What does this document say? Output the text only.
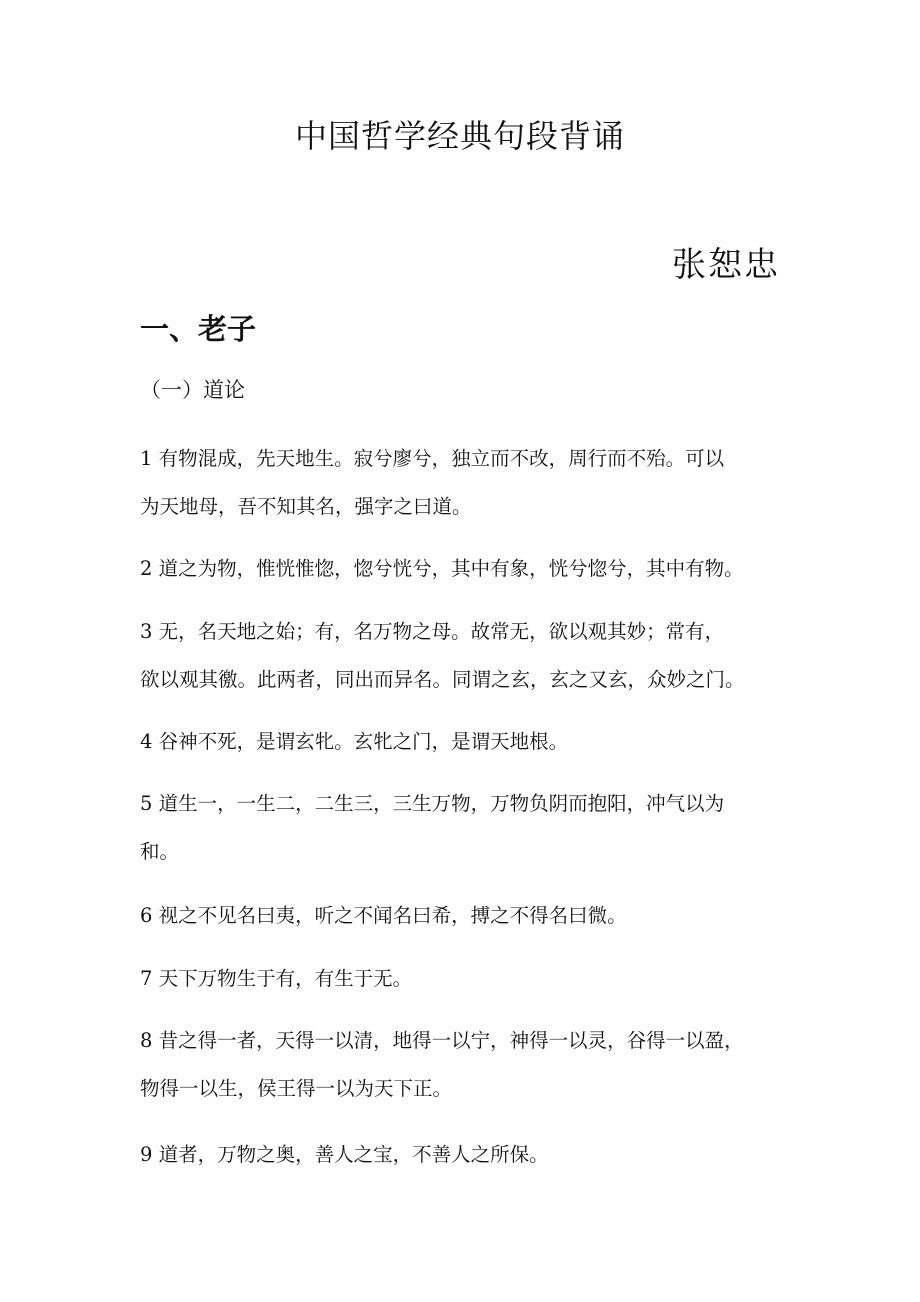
中国哲学经典句段背诵
张恕忠
一、老子
（一）道论
1 有物混成，先天地生。寂兮廖兮，独立而不改，周行而不殆。可以
为天地母，吾不知其名，强字之曰道。
2 道之为物，惟恍惟惚，惚兮恍兮，其中有象，恍兮惚兮，其中有物。
3 无，名天地之始；有，名万物之母。故常无，欲以观其妙；常有，
欲以观其徼。此两者，同出而异名。同谓之玄，玄之又玄，众妙之门。
4 谷神不死，是谓玄牝。玄牝之门，是谓天地根。
5 道生一，一生二，二生三，三生万物，万物负阴而抱阳，冲气以为
和。
6 视之不见名曰夷，听之不闻名曰希，搏之不得名曰微。
7 天下万物生于有，有生于无。
8 昔之得一者，天得一以清，地得一以宁，神得一以灵，谷得一以盈，
物得一以生，侯王得一以为天下正。
9 道者，万物之奥，善人之宝，不善人之所保。
